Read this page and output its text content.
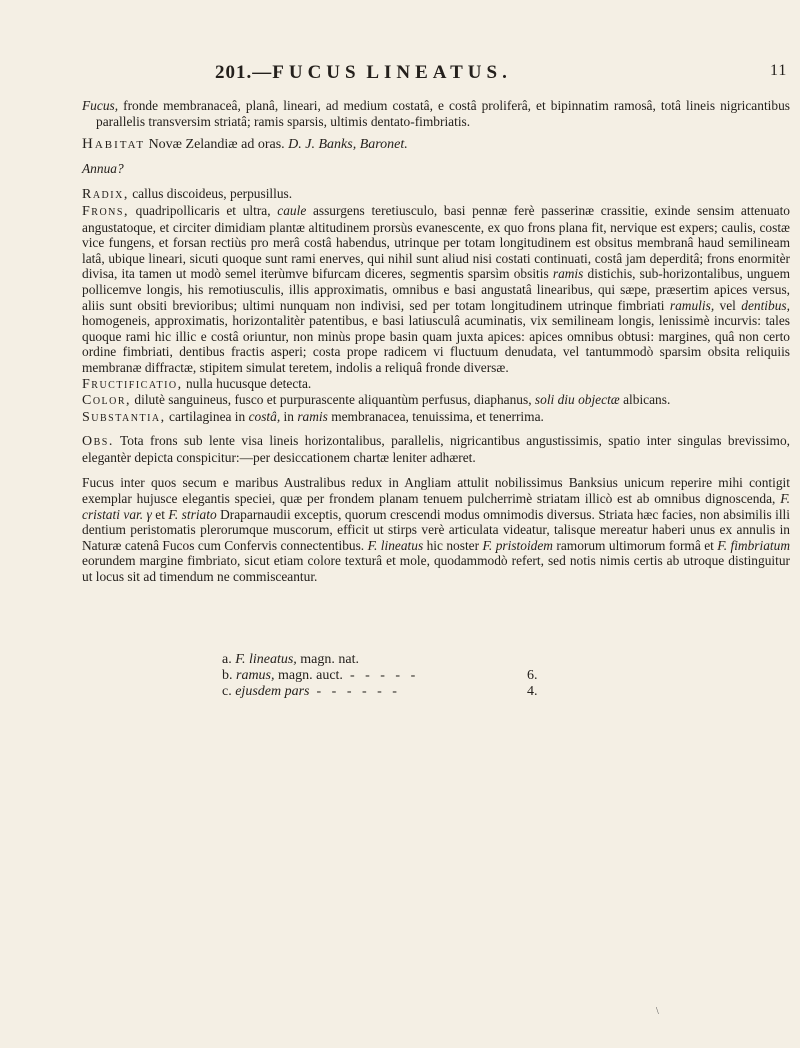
201.—FUCUS LINEATUS.	11

Fucus, fronde membranaceâ, planâ, lineari, ad medium costatâ, e costâ proliferâ, et bipinnatim ramosâ, totâ lineis nigricantibus parallelis transversim striatâ; ramis sparsis, ultimis dentato-fimbriatis.

Habitat Novæ Zelandiæ ad oras. D. J. Banks, Baronet.

Annua?

Radix, callus discoideus, perpusillus.

Frons, quadripollicaris et ultra, caule assurgens teretiusculo, basi pennæ ferè passerinæ crassitie, exinde sensim attenuato angustatoque, et circiter dimidiam plantæ altitudinem prorsùs evanescente, ex quo frons plana fit, nervique est expers; caulis, costæ vice fungens, et forsan rectiùs pro merâ costâ habendus, utrinque per totam longitudinem est obsitus membranâ haud semilineam latâ, ubique lineari, sicuti quoque sunt rami enerves, qui nihil sunt aliud nisi costati continuati, costâ jam deperditâ; frons enormitèr divisa, ita tamen ut modò semel iterùmve bifurcam diceres, segmentis sparsìm obsitis ramis distichis, sub-horizontalibus, unguem pollicemve longis, his remotiusculis, illis approximatis, omnibus e basi angustatâ linearibus, qui sæpe, præsertim apices versus, aliis sunt obsiti brevioribus; ultimi nunquam non indivisi, sed per totam longitudinem utrinque fimbriati ramulis, vel dentibus, homogeneis, approximatis, horizontalitèr patentibus, e basi latiusculâ acuminatis, vix semilineam longis, lenissimè incurvis: tales quoque rami hic illic e costâ oriuntur, non minùs prope basin quam juxta apices: apices omnibus obtusi: margines, quâ non certo ordine fimbriati, dentibus fractis asperi; costa prope radicem vi fluctuum denudata, vel tantummodò sparsim obsita reliquiis membranæ diffractæ, stipitem simulat teretem, indolis a reliquâ fronde diversæ.

Fructificatio, nulla hucusque detecta.

Color, dilutè sanguineus, fusco et purpurascente aliquantùm perfusus, diaphanus, soli diu objectæ albicans.

Substantia, cartilaginea in costâ, in ramis membranacea, tenuissima, et tenerrima.

Obs. Tota frons sub lente visa lineis horizontalibus, parallelis, nigricantibus angustissimis, spatio inter singulas brevissimo, elegantèr depicta conspicitur:—per desiccationem chartæ leniter adhæret.

Fucus inter quos secum e maribus Australibus redux in Angliam attulit nobilissimus Banksius unicum reperire mihi contigit exemplar hujusce elegantis speciei, quæ per frondem planam tenuem pulcherrimè striatam illicò est ab omnibus dignoscenda, F. cristati var. γ et F. striato Draparnaudii exceptis, quorum crescendi modus omnimodis diversus. Striata hæc facies, non absimilis illi dentium peristomatis plerorumque muscorum, efficit ut stirps verè articulata videatur, talisque mereatur haberi unus ex annulis in Naturæ catenâ Fucos cum Confervis connectentibus. F. lineatus hic noster F. pristoidem ramorum ultimorum formâ et F. fimbriatum eorundem margine fimbriato, sicut etiam colore texturâ et mole, quodammodò refert, sed notis nimis certis ab utroque distinguitur ut locus sit ad timendum ne commisceantur.

a. F. lineatus, magn. nat.
b. ramus, magn. auct.  -   -   -   -   -	6.
c. ejusdem pars  -   -   -   -   -   -	4.
\
